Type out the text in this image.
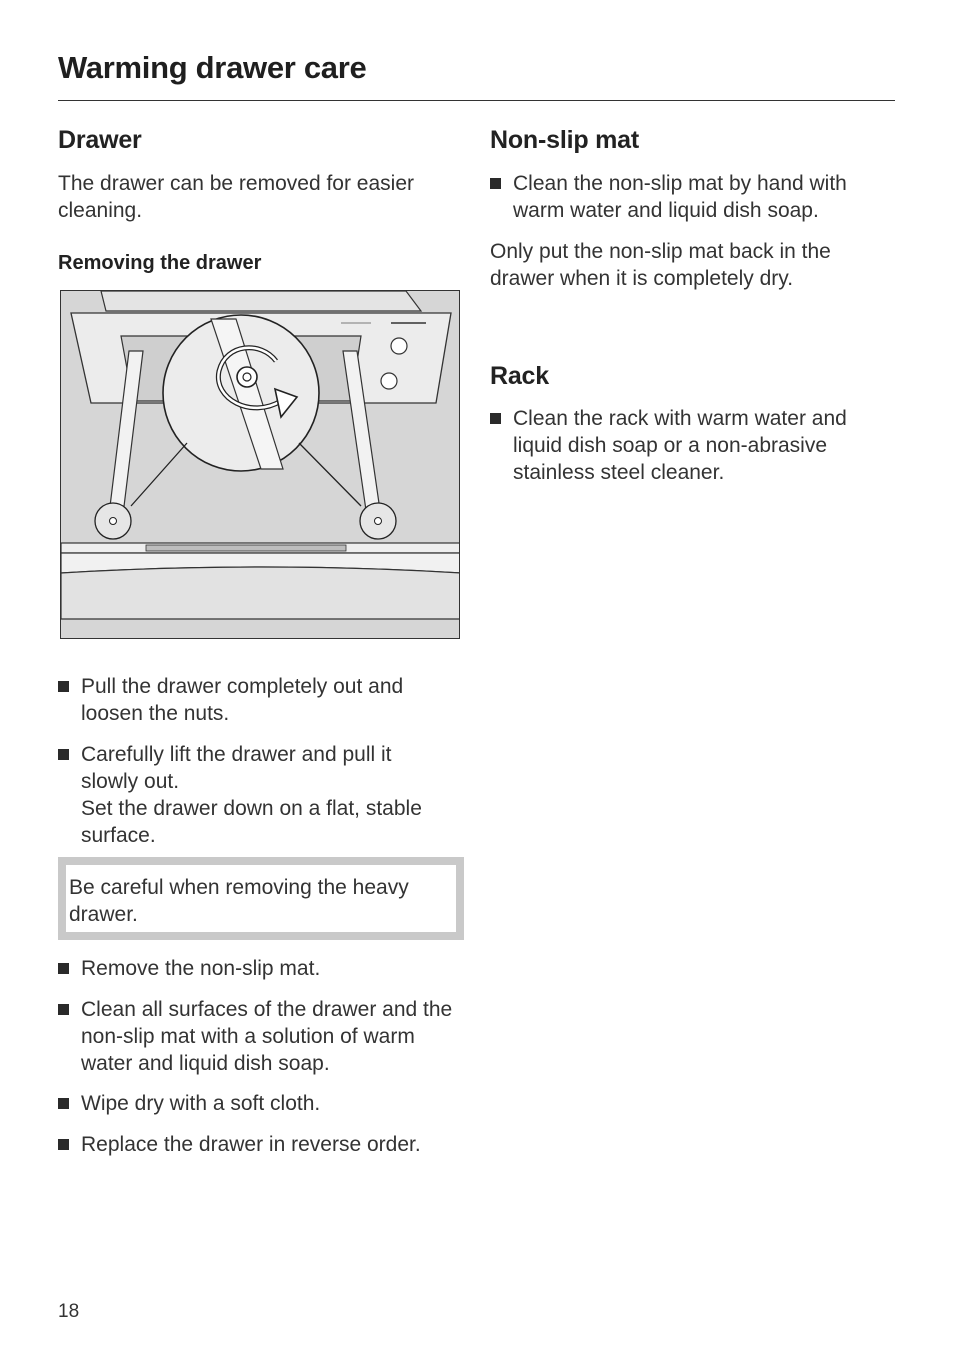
Warming drawer care
Drawer

The drawer can be removed for easier cleaning.

Removing the drawer
Pull the drawer completely out and loosen the nuts.
Carefully lift the drawer and pull it slowly out.

Set the drawer down on a flat, stable surface.

Be careful when removing the heavy drawer.
Remove the non-slip mat.
Clean all surfaces of the drawer and the non-slip mat with a solution of warm water and liquid dish soap.
Wipe dry with a soft cloth.
Replace the drawer in reverse order.
Non-slip mat
Clean the non-slip mat by hand with warm water and liquid dish soap.

Only put the non-slip mat back in the drawer when it is completely dry.

Rack
Clean the rack with warm water and liquid dish soap or a non-abrasive stainless steel cleaner.
18
